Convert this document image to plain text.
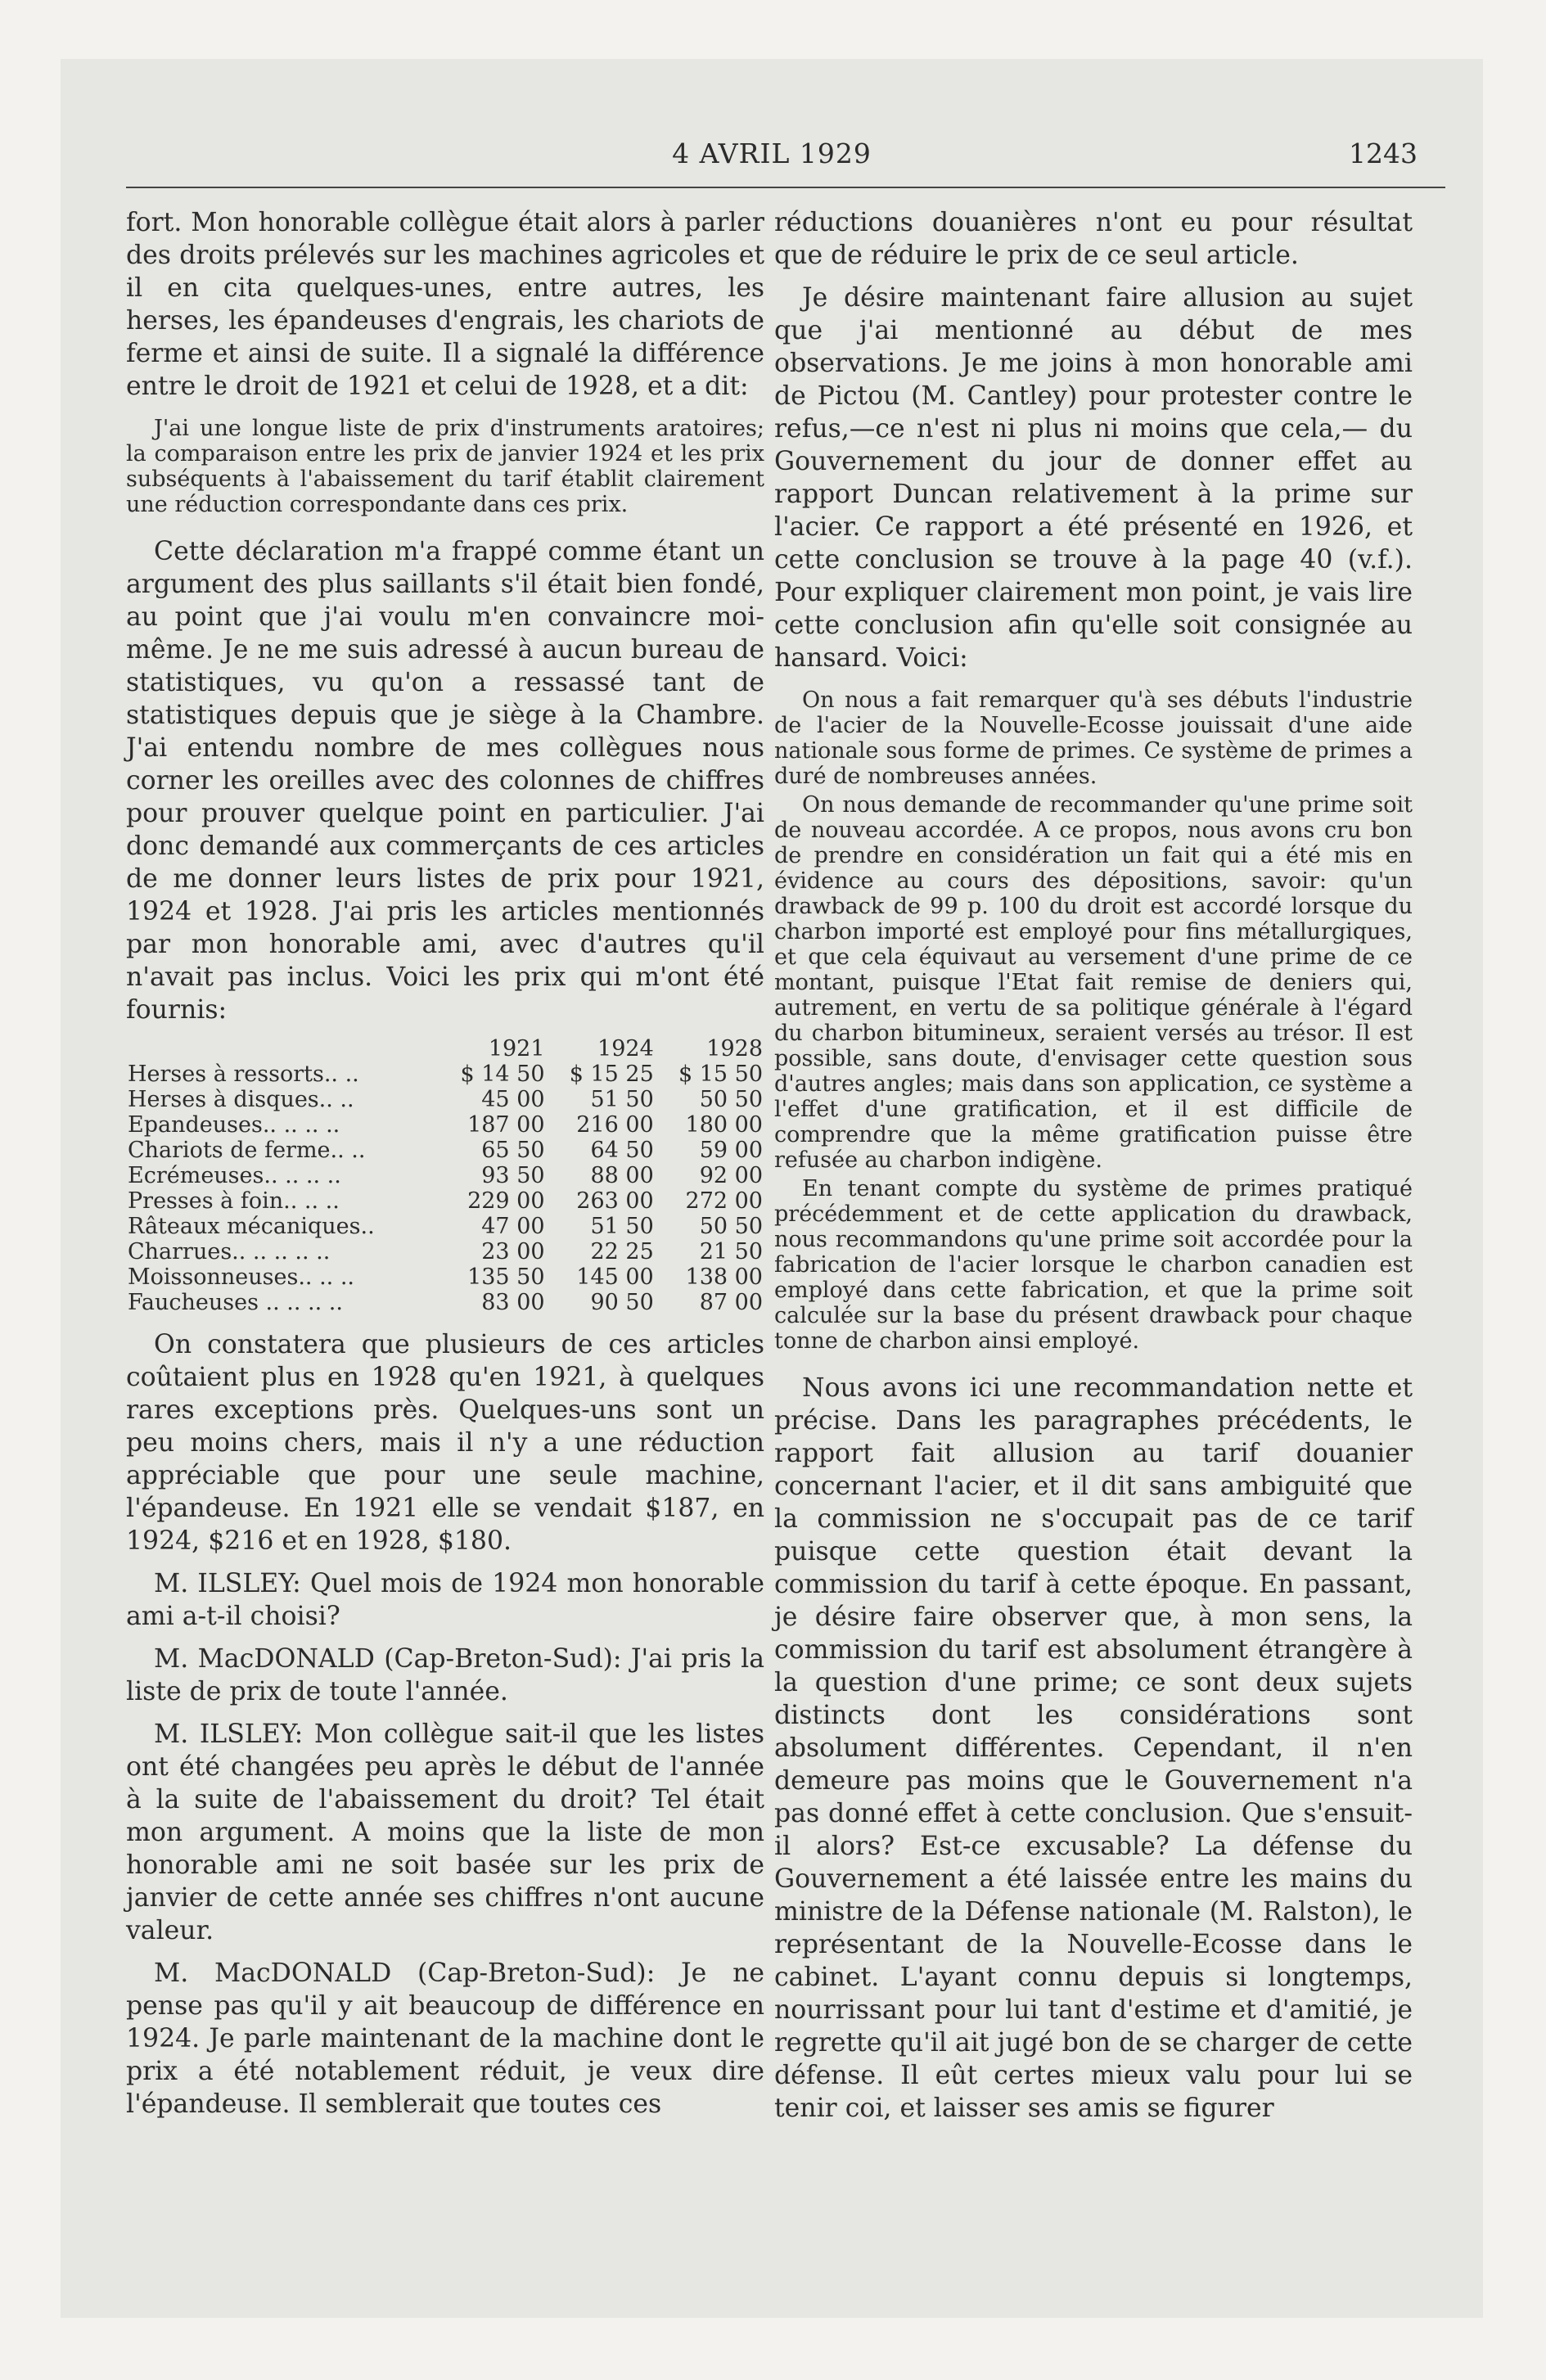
4 AVRIL 1929	1243

fort. Mon honorable collègue était alors à parler des droits prélevés sur les machines agricoles et il en cita quelques-unes, entre autres, les herses, les épandeuses d'engrais, les chariots de ferme et ainsi de suite. Il a signalé la différence entre le droit de 1921 et celui de 1928, et a dit:

J'ai une longue liste de prix d'instruments aratoires; la comparaison entre les prix de janvier 1924 et les prix subséquents à l'abaissement du tarif établit clairement une réduction correspondante dans ces prix.

Cette déclaration m'a frappé comme étant un argument des plus saillants s'il était bien fondé, au point que j'ai voulu m'en convaincre moi-même. Je ne me suis adressé à aucun bureau de statistiques, vu qu'on a ressassé tant de statistiques depuis que je siège à la Chambre. J'ai entendu nombre de mes collègues nous corner les oreilles avec des colonnes de chiffres pour prouver quelque point en particulier. J'ai donc demandé aux commerçants de ces articles de me donner leurs listes de prix pour 1921, 1924 et 1928. J'ai pris les articles mentionnés par mon honorable ami, avec d'autres qu'il n'avait pas inclus. Voici les prix qui m'ont été fournis:

	1921	1924	1928
Herses à ressorts.. ..	$ 14 50	$ 15 25	$ 15 50
Herses à disques.. ..	45 00	51 50	50 50
Epandeuses.. .. .. ..	187 00	216 00	180 00
Chariots de ferme.. ..	65 50	64 50	59 00
Ecrémeuses.. .. .. ..	93 50	88 00	92 00
Presses à foin.. .. ..	229 00	263 00	272 00
Râteaux mécaniques..	47 00	51 50	50 50
Charrues.. .. .. .. ..	23 00	22 25	21 50
Moissonneuses.. .. ..	135 50	145 00	138 00
Faucheuses .. .. .. ..	83 00	90 50	87 00

On constatera que plusieurs de ces articles coûtaient plus en 1928 qu'en 1921, à quelques rares exceptions près. Quelques-uns sont un peu moins chers, mais il n'y a une réduction appréciable que pour une seule machine, l'épandeuse. En 1921 elle se vendait $187, en 1924, $216 et en 1928, $180.

M. ILSLEY: Quel mois de 1924 mon honorable ami a-t-il choisi?

M. MacDONALD (Cap-Breton-Sud): J'ai pris la liste de prix de toute l'année.

M. ILSLEY: Mon collègue sait-il que les listes ont été changées peu après le début de l'année à la suite de l'abaissement du droit? Tel était mon argument. A moins que la liste de mon honorable ami ne soit basée sur les prix de janvier de cette année ses chiffres n'ont aucune valeur.

M. MacDONALD (Cap-Breton-Sud): Je ne pense pas qu'il y ait beaucoup de différence en 1924. Je parle maintenant de la machine dont le prix a été notablement réduit, je veux dire l'épandeuse. Il semblerait que toutes ces

réductions douanières n'ont eu pour résultat que de réduire le prix de ce seul article.

Je désire maintenant faire allusion au sujet que j'ai mentionné au début de mes observations. Je me joins à mon honorable ami de Pictou (M. Cantley) pour protester contre le refus,—ce n'est ni plus ni moins que cela,— du Gouvernement du jour de donner effet au rapport Duncan relativement à la prime sur l'acier. Ce rapport a été présenté en 1926, et cette conclusion se trouve à la page 40 (v.f.). Pour expliquer clairement mon point, je vais lire cette conclusion afin qu'elle soit consignée au hansard. Voici:

On nous a fait remarquer qu'à ses débuts l'industrie de l'acier de la Nouvelle-Ecosse jouissait d'une aide nationale sous forme de primes. Ce système de primes a duré de nombreuses années.

On nous demande de recommander qu'une prime soit de nouveau accordée. A ce propos, nous avons cru bon de prendre en considération un fait qui a été mis en évidence au cours des dépositions, savoir: qu'un drawback de 99 p. 100 du droit est accordé lorsque du charbon importé est employé pour fins métallurgiques, et que cela équivaut au versement d'une prime de ce montant, puisque l'Etat fait remise de deniers qui, autrement, en vertu de sa politique générale à l'égard du charbon bitumineux, seraient versés au trésor. Il est possible, sans doute, d'envisager cette question sous d'autres angles; mais dans son application, ce système a l'effet d'une gratification, et il est difficile de comprendre que la même gratification puisse être refusée au charbon indigène.

En tenant compte du système de primes pratiqué précédemment et de cette application du drawback, nous recommandons qu'une prime soit accordée pour la fabrication de l'acier lorsque le charbon canadien est employé dans cette fabrication, et que la prime soit calculée sur la base du présent drawback pour chaque tonne de charbon ainsi employé.

Nous avons ici une recommandation nette et précise. Dans les paragraphes précédents, le rapport fait allusion au tarif douanier concernant l'acier, et il dit sans ambiguité que la commission ne s'occupait pas de ce tarif puisque cette question était devant la commission du tarif à cette époque. En passant, je désire faire observer que, à mon sens, la commission du tarif est absolument étrangère à la question d'une prime; ce sont deux sujets distincts dont les considérations sont absolument différentes. Cependant, il n'en demeure pas moins que le Gouvernement n'a pas donné effet à cette conclusion. Que s'ensuit-il alors? Est-ce excusable? La défense du Gouvernement a été laissée entre les mains du ministre de la Défense nationale (M. Ralston), le représentant de la Nouvelle-Ecosse dans le cabinet. L'ayant connu depuis si longtemps, nourrissant pour lui tant d'estime et d'amitié, je regrette qu'il ait jugé bon de se charger de cette défense. Il eût certes mieux valu pour lui se tenir coi, et laisser ses amis se figurer
